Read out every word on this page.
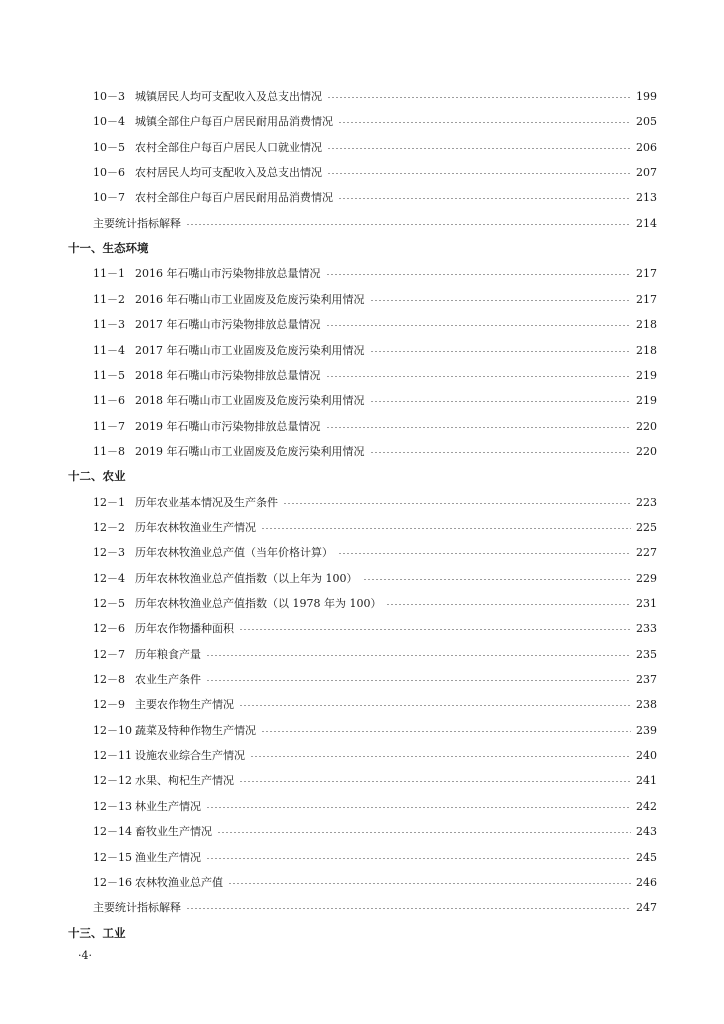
10－3 城镇居民人均可支配收入及总支出情况	199
10－4 城镇全部住户每百户居民耐用品消费情况	205
10－5 农村全部住户每百户居民人口就业情况	206
10－6 农村居民人均可支配收入及总支出情况	207
10－7 农村全部住户每百户居民耐用品消费情况	213
主要统计指标解释	214
十一、生态环境
11－1 2016 年石嘴山市污染物排放总量情况	217
11－2 2016 年石嘴山市工业固废及危废污染利用情况	217
11－3 2017 年石嘴山市污染物排放总量情况	218
11－4 2017 年石嘴山市工业固废及危废污染利用情况	218
11－5 2018 年石嘴山市污染物排放总量情况	219
11－6 2018 年石嘴山市工业固废及危废污染利用情况	219
11－7 2019 年石嘴山市污染物排放总量情况	220
11－8 2019 年石嘴山市工业固废及危废污染利用情况	220
十二、农业
12－1 历年农业基本情况及生产条件	223
12－2 历年农林牧渔业生产情况	225
12－3 历年农林牧渔业总产值（当年价格计算）	227
12－4 历年农林牧渔业总产值指数（以上年为 100）	229
12－5 历年农林牧渔业总产值指数（以 1978 年为 100）	231
12－6 历年农作物播种面积	233
12－7 历年粮食产量	235
12－8 农业生产条件	237
12－9 主要农作物生产情况	238
12－10 蔬菜及特种作物生产情况	239
12－11 设施农业综合生产情况	240
12－12 水果、枸杞生产情况	241
12－13 林业生产情况	242
12－14 畜牧业生产情况	243
12－15 渔业生产情况	245
12－16 农林牧渔业总产值	246
主要统计指标解释	247
十三、工业
·4·
